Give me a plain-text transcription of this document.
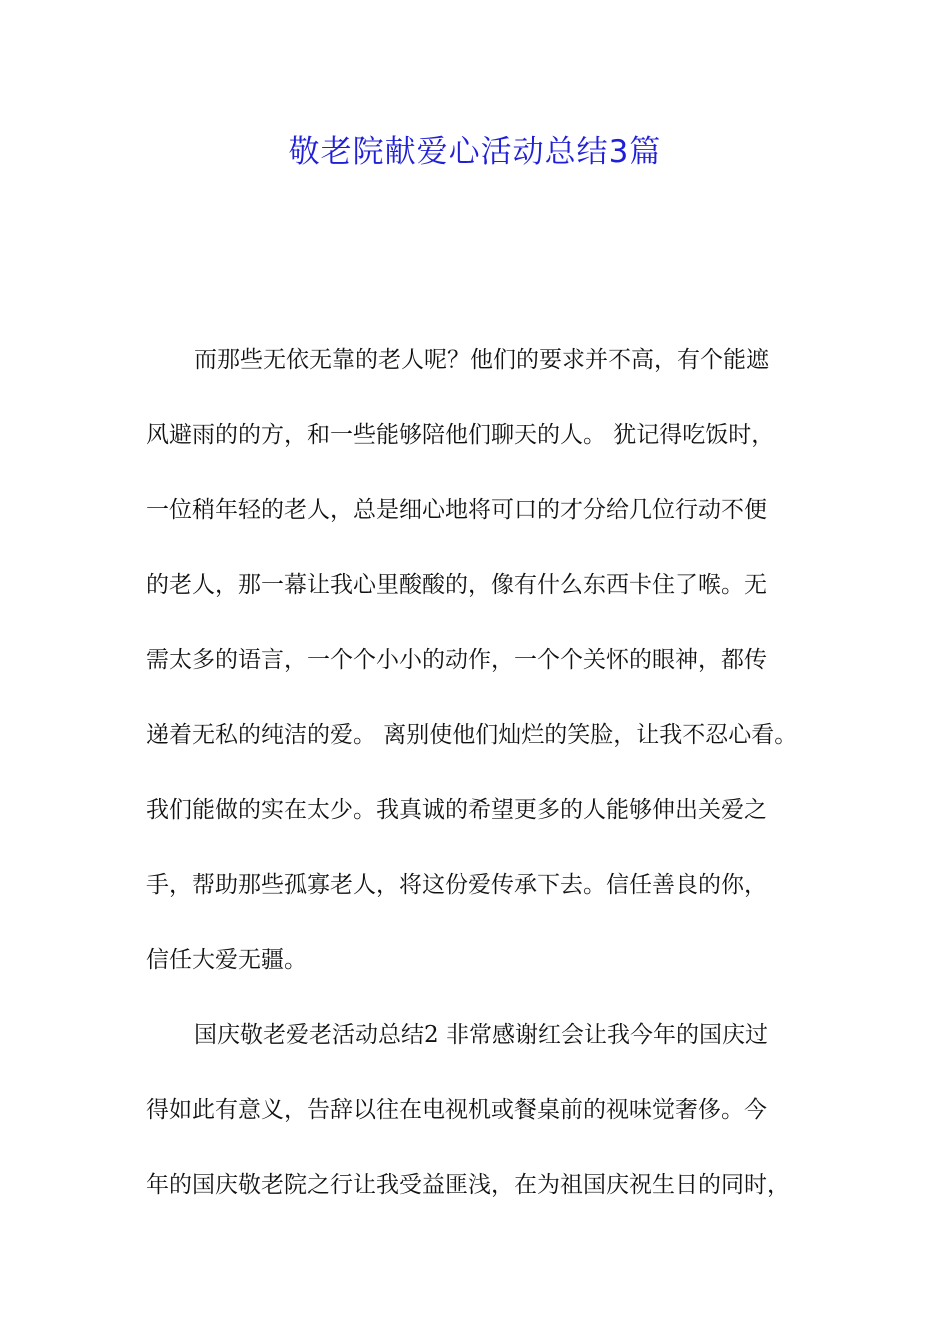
敬老院献爱心活动总结3篇

而那些无依无靠的老人呢？他们的要求并不高，有个能遮

风避雨的的方，和一些能够陪他们聊天的人。 犹记得吃饭时，

一位稍年轻的老人，总是细心地将可口的才分给几位行动不便

的老人，那一幕让我心里酸酸的，像有什么东西卡住了喉。无

需太多的语言，一个个小小的动作，一个个关怀的眼神，都传

递着无私的纯洁的爱。 离别使他们灿烂的笑脸，让我不忍心看。

我们能做的实在太少。我真诚的希望更多的人能够伸出关爱之

手，帮助那些孤寡老人，将这份爱传承下去。信任善良的你，

信任大爱无疆。

国庆敬老爱老活动总结2 非常感谢红会让我今年的国庆过

得如此有意义，告辞以往在电视机或餐桌前的视味觉奢侈。今

年的国庆敬老院之行让我受益匪浅，在为祖国庆祝生日的同时，
